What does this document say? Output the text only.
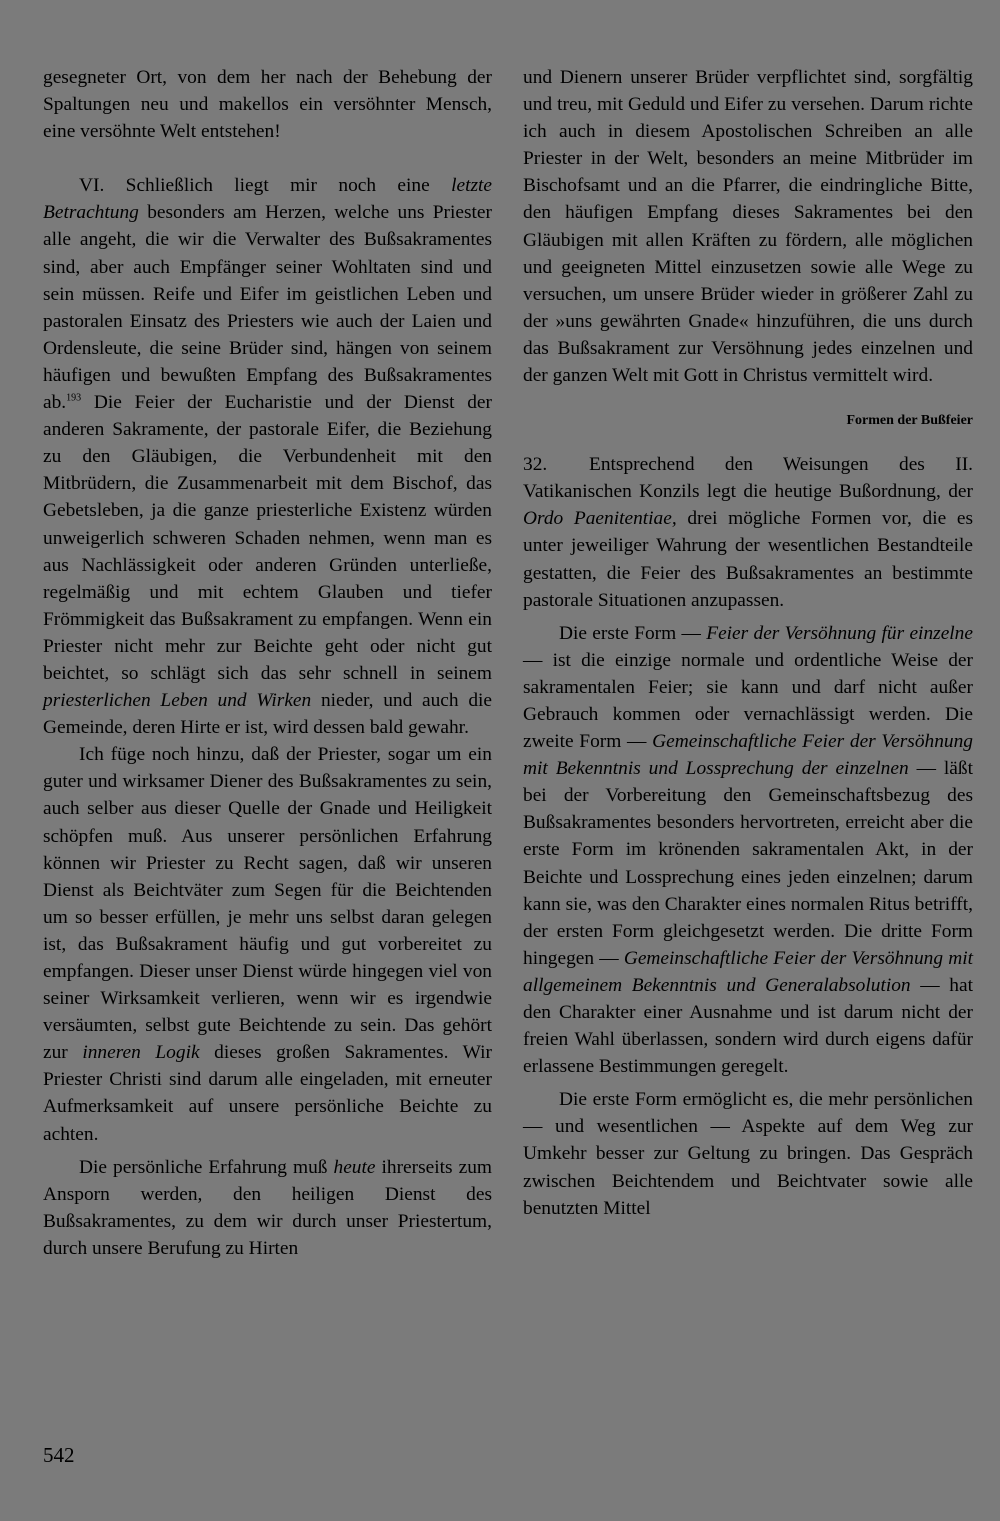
gesegneter Ort, von dem her nach der Behebung der Spaltungen neu und makellos ein versöhnter Mensch, eine versöhnte Welt entstehen!

VI. Schließlich liegt mir noch eine letzte Betrachtung besonders am Herzen, welche uns Priester alle angeht, die wir die Verwalter des Bußsakramentes sind, aber auch Empfänger seiner Wohltaten sind und sein müssen. Reife und Eifer im geistlichen Leben und pastoralen Einsatz des Priesters wie auch der Laien und Ordensleute, die seine Brüder sind, hängen von seinem häufigen und bewußten Empfang des Bußsakramentes ab.$^{193}$ Die Feier der Eucharistie und der Dienst der anderen Sakramente, der pastorale Eifer, die Beziehung zu den Gläubigen, die Verbundenheit mit den Mitbrüdern, die Zusammenarbeit mit dem Bischof, das Gebetsleben, ja die ganze priesterliche Existenz würden unweigerlich schweren Schaden nehmen, wenn man es aus Nachlässigkeit oder anderen Gründen unterließe, regelmäßig und mit echtem Glauben und tiefer Frömmigkeit das Bußsakrament zu empfangen. Wenn ein Priester nicht mehr zur Beichte geht oder nicht gut beichtet, so schlägt sich das sehr schnell in seinem priesterlichen Leben und Wirken nieder, und auch die Gemeinde, deren Hirte er ist, wird dessen bald gewahr.

Ich füge noch hinzu, daß der Priester, sogar um ein guter und wirksamer Diener des Bußsakramentes zu sein, auch selber aus dieser Quelle der Gnade und Heiligkeit schöpfen muß. Aus unserer persönlichen Erfahrung können wir Priester zu Recht sagen, daß wir unseren Dienst als Beichtväter zum Segen für die Beichtenden um so besser erfüllen, je mehr uns selbst daran gelegen ist, das Bußsakrament häufig und gut vorbereitet zu empfangen. Dieser unser Dienst würde hingegen viel von seiner Wirksamkeit verlieren, wenn wir es irgendwie versäumten, selbst gute Beichtende zu sein. Das gehört zur inneren Logik dieses großen Sakramentes. Wir Priester Christi sind darum alle eingeladen, mit erneuter Aufmerksamkeit auf unsere persönliche Beichte zu achten.

Die persönliche Erfahrung muß heute ihrerseits zum Ansporn werden, den heiligen Dienst des Bußsakramentes, zu dem wir durch unser Priestertum, durch unsere Berufung zu Hirten

und Dienern unserer Brüder verpflichtet sind, sorgfältig und treu, mit Geduld und Eifer zu versehen. Darum richte ich auch in diesem Apostolischen Schreiben an alle Priester in der Welt, besonders an meine Mitbrüder im Bischofsamt und an die Pfarrer, die eindringliche Bitte, den häufigen Empfang dieses Sakramentes bei den Gläubigen mit allen Kräften zu fördern, alle möglichen und geeigneten Mittel einzusetzen sowie alle Wege zu versuchen, um unsere Brüder wieder in größerer Zahl zu der »uns gewährten Gnade« hinzuführen, die uns durch das Bußsakrament zur Versöhnung jedes einzelnen und der ganzen Welt mit Gott in Christus vermittelt wird.

Formen der Bußfeier

32. Entsprechend den Weisungen des II. Vatikanischen Konzils legt die heutige Bußordnung, der Ordo Paenitentiae, drei mögliche Formen vor, die es unter jeweiliger Wahrung der wesentlichen Bestandteile gestatten, die Feier des Bußsakramentes an bestimmte pastorale Situationen anzupassen.

Die erste Form — Feier der Versöhnung für einzelne — ist die einzige normale und ordentliche Weise der sakramentalen Feier; sie kann und darf nicht außer Gebrauch kommen oder vernachlässigt werden. Die zweite Form — Gemeinschaftliche Feier der Versöhnung mit Bekenntnis und Lossprechung der einzelnen — läßt bei der Vorbereitung den Gemeinschaftsbezug des Bußsakramentes besonders hervortreten, erreicht aber die erste Form im krönenden sakramentalen Akt, in der Beichte und Lossprechung eines jeden einzelnen; darum kann sie, was den Charakter eines normalen Ritus betrifft, der ersten Form gleichgesetzt werden. Die dritte Form hingegen — Gemeinschaftliche Feier der Versöhnung mit allgemeinem Bekenntnis und Generalabsolution — hat den Charakter einer Ausnahme und ist darum nicht der freien Wahl überlassen, sondern wird durch eigens dafür erlassene Bestimmungen geregelt.

Die erste Form ermöglicht es, die mehr persönlichen — und wesentlichen — Aspekte auf dem Weg zur Umkehr besser zur Geltung zu bringen. Das Gespräch zwischen Beichtendem und Beichtvater sowie alle benutzten Mittel

542
